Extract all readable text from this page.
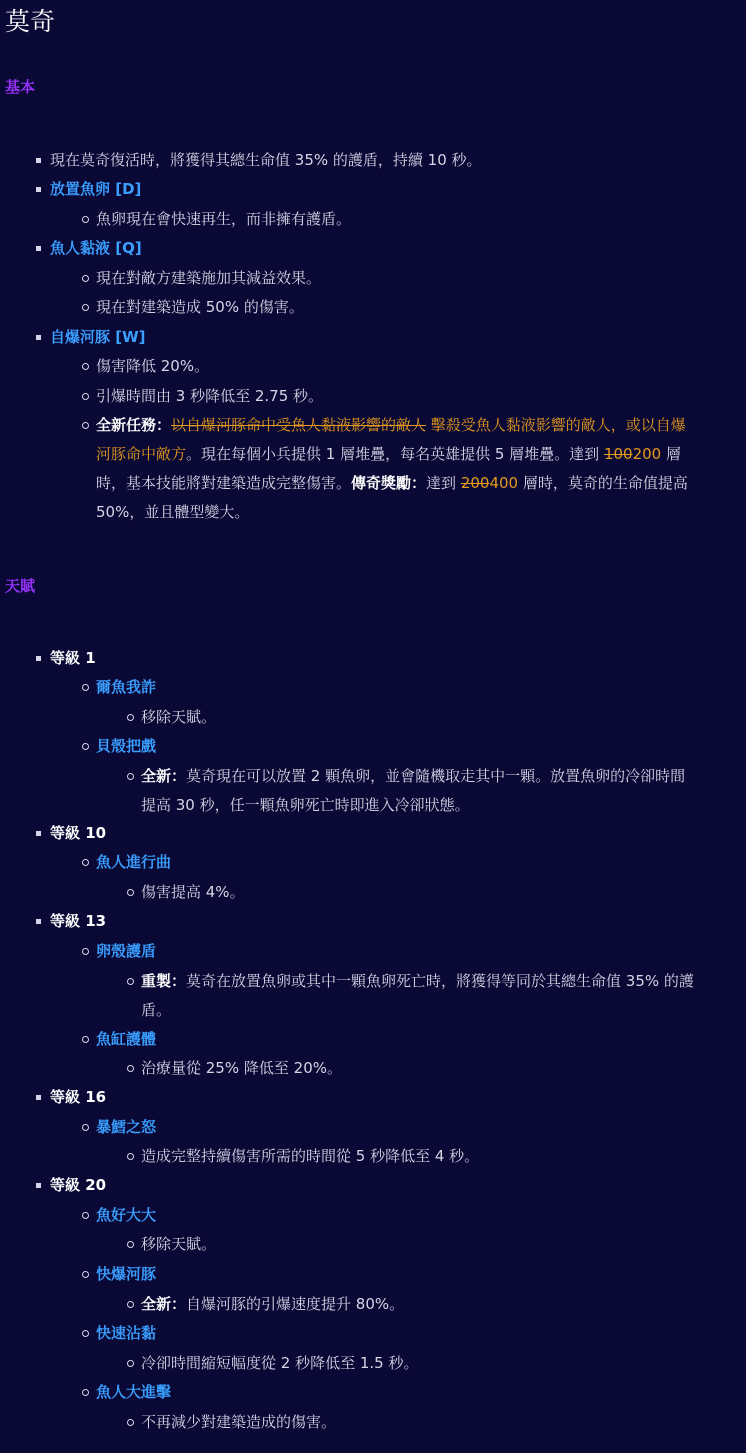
莫奇
基本
現在莫奇復活時，將獲得其總生命值 35% 的護盾，持續 10 秒。
放置魚卵 [D]
魚卵現在會快速再生，而非擁有護盾。
魚人黏液 [Q]
現在對敵方建築施加其減益效果。
現在對建築造成 50% 的傷害。
自爆河豚 [W]
傷害降低 20%。
引爆時間由 3 秒降低至 2.75 秒。
全新任務：以自爆河豚命中受魚人黏液影響的敵人 擊殺受魚人黏液影響的敵人，或以自爆
河豚命中敵方。現在每個小兵提供 1 層堆疊，每名英雄提供 5 層堆疊。達到 100200 層
時，基本技能將對建築造成完整傷害。傳奇獎勵：達到 200400 層時，莫奇的生命值提高
50%，並且體型變大。
天賦
等級 1
爾魚我詐
移除天賦。
貝殼把戲
全新：莫奇現在可以放置 2 顆魚卵，並會隨機取走其中一顆。放置魚卵的冷卻時間
提高 30 秒，任一顆魚卵死亡時即進入冷卻狀態。
等級 10
魚人進行曲
傷害提高 4%。
等級 13
卵殼護盾
重製：莫奇在放置魚卵或其中一顆魚卵死亡時，將獲得等同於其總生命值 35% 的護
盾。
魚缸護體
治療量從 25% 降低至 20%。
等級 16
暴鱈之怒
造成完整持續傷害所需的時間從 5 秒降低至 4 秒。
等級 20
魚好大大
移除天賦。
快爆河豚
全新：自爆河豚的引爆速度提升 80%。
快速沾黏
冷卻時間縮短幅度從 2 秒降低至 1.5 秒。
魚人大進擊
不再減少對建築造成的傷害。
